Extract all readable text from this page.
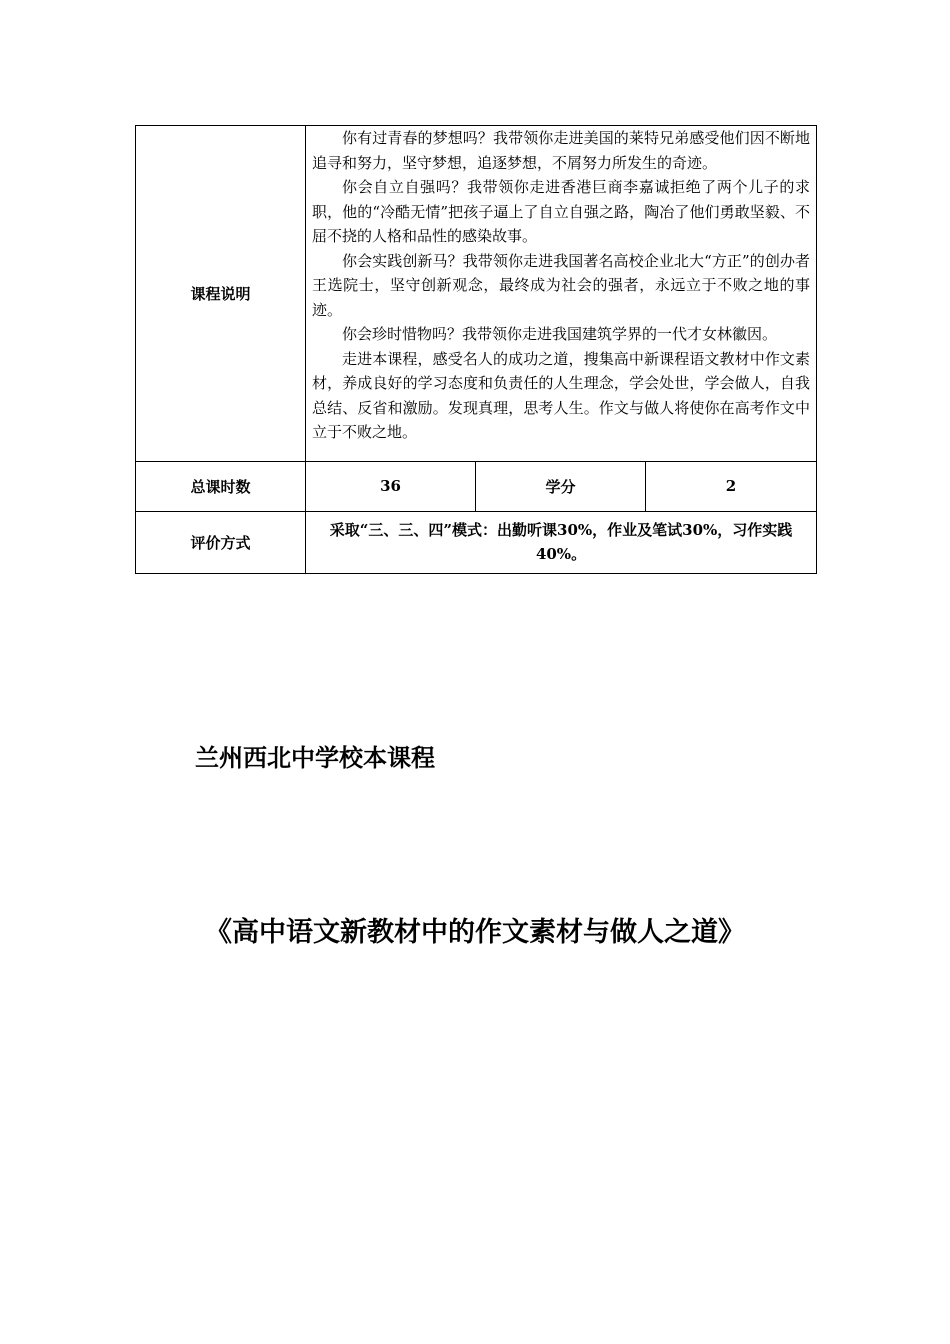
课程说明	你有过青春的梦想吗？我带领你走进美国的莱特兄弟感受他们因不断地追寻和努力，坚守梦想，追逐梦想，不屑努力所发生的奇迹。

你会自立自强吗？我带领你走进香港巨商李嘉诚拒绝了两个儿子的求职，他的“冷酷无情”把孩子逼上了自立自强之路，陶冶了他们勇敢坚毅、不屈不挠的人格和品性的感染故事。

你会实践创新马？我带领你走进我国著名高校企业北大“方正”的创办者王选院士，坚守创新观念，最终成为社会的强者，永远立于不败之地的事迹。

你会珍时惜物吗？我带领你走进我国建筑学界的一代才女林徽因。

走进本课程，感受名人的成功之道，搜集高中新课程语文教材中作文素材，养成良好的学习态度和负责任的人生理念，学会处世，学会做人，自我总结、反省和激励。发现真理，思考人生。作文与做人将使你在高考作文中立于不败之地。		

总课时数	36	学分	2
评价方式	采取“三、三、四”模式：出勤听课30%，作业及笔试30%，习作实践40%。		
兰州西北中学校本课程
《高中语文新教材中的作文素材与做人之道》
